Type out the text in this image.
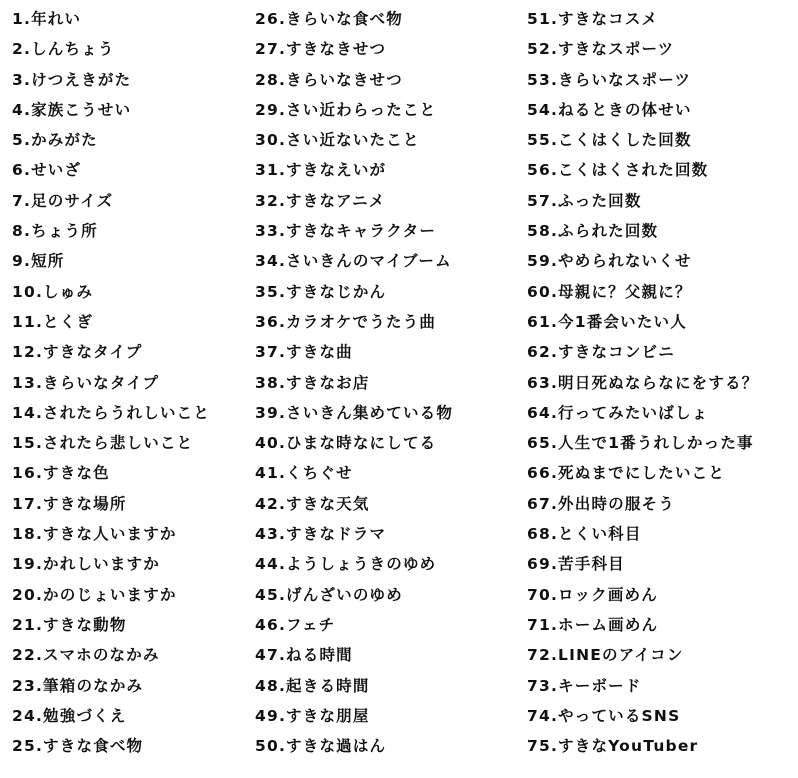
1.年れい
2.しんちょう
3.けつえきがた
4.家族こうせい
5.かみがた
6.せいざ
7.足のサイズ
8.ちょう所
9.短所
10.しゅみ
11.とくぎ
12.すきなタイプ
13.きらいなタイプ
14.されたらうれしいこと
15.されたら悲しいこと
16.すきな色
17.すきな場所
18.すきな人いますか
19.かれしいますか
20.かのじょいますか
21.すきな動物
22.スマホのなかみ
23.筆箱のなかみ
24.勉強づくえ
25.すきな食べ物
26.きらいな食べ物
27.すきなきせつ
28.きらいなきせつ
29.さい近わらったこと
30.さい近ないたこと
31.すきなえいが
32.すきなアニメ
33.すきなキャラクター
34.さいきんのマイブーム
35.すきなじかん
36.カラオケでうたう曲
37.すきな曲
38.すきなお店
39.さいきん集めている物
40.ひまな時なにしてる
41.くちぐせ
42.すきな天気
43.すきなドラマ
44.ようしょうきのゆめ
45.げんざいのゆめ
46.フェチ
47.ねる時間
48.起きる時間
49.すきな朋屋
50.すきな過はん
51.すきなコスメ
52.すきなスポーツ
53.きらいなスポーツ
54.ねるときの体せい
55.こくはくした回数
56.こくはくされた回数
57.ふった回数
58.ふられた回数
59.やめられないくせ
60.母親に？父親に？
61.今1番会いたい人
62.すきなコンビニ
63.明日死ぬならなにをする？
64.行ってみたいばしょ
65.人生で1番うれしかった事
66.死ぬまでにしたいこと
67.外出時の服そう
68.とくい科目
69.苦手科目
70.ロック画めん
71.ホーム画めん
72.LINEのアイコン
73.キーボード
74.やっているSNS
75.すきなYouTuber
